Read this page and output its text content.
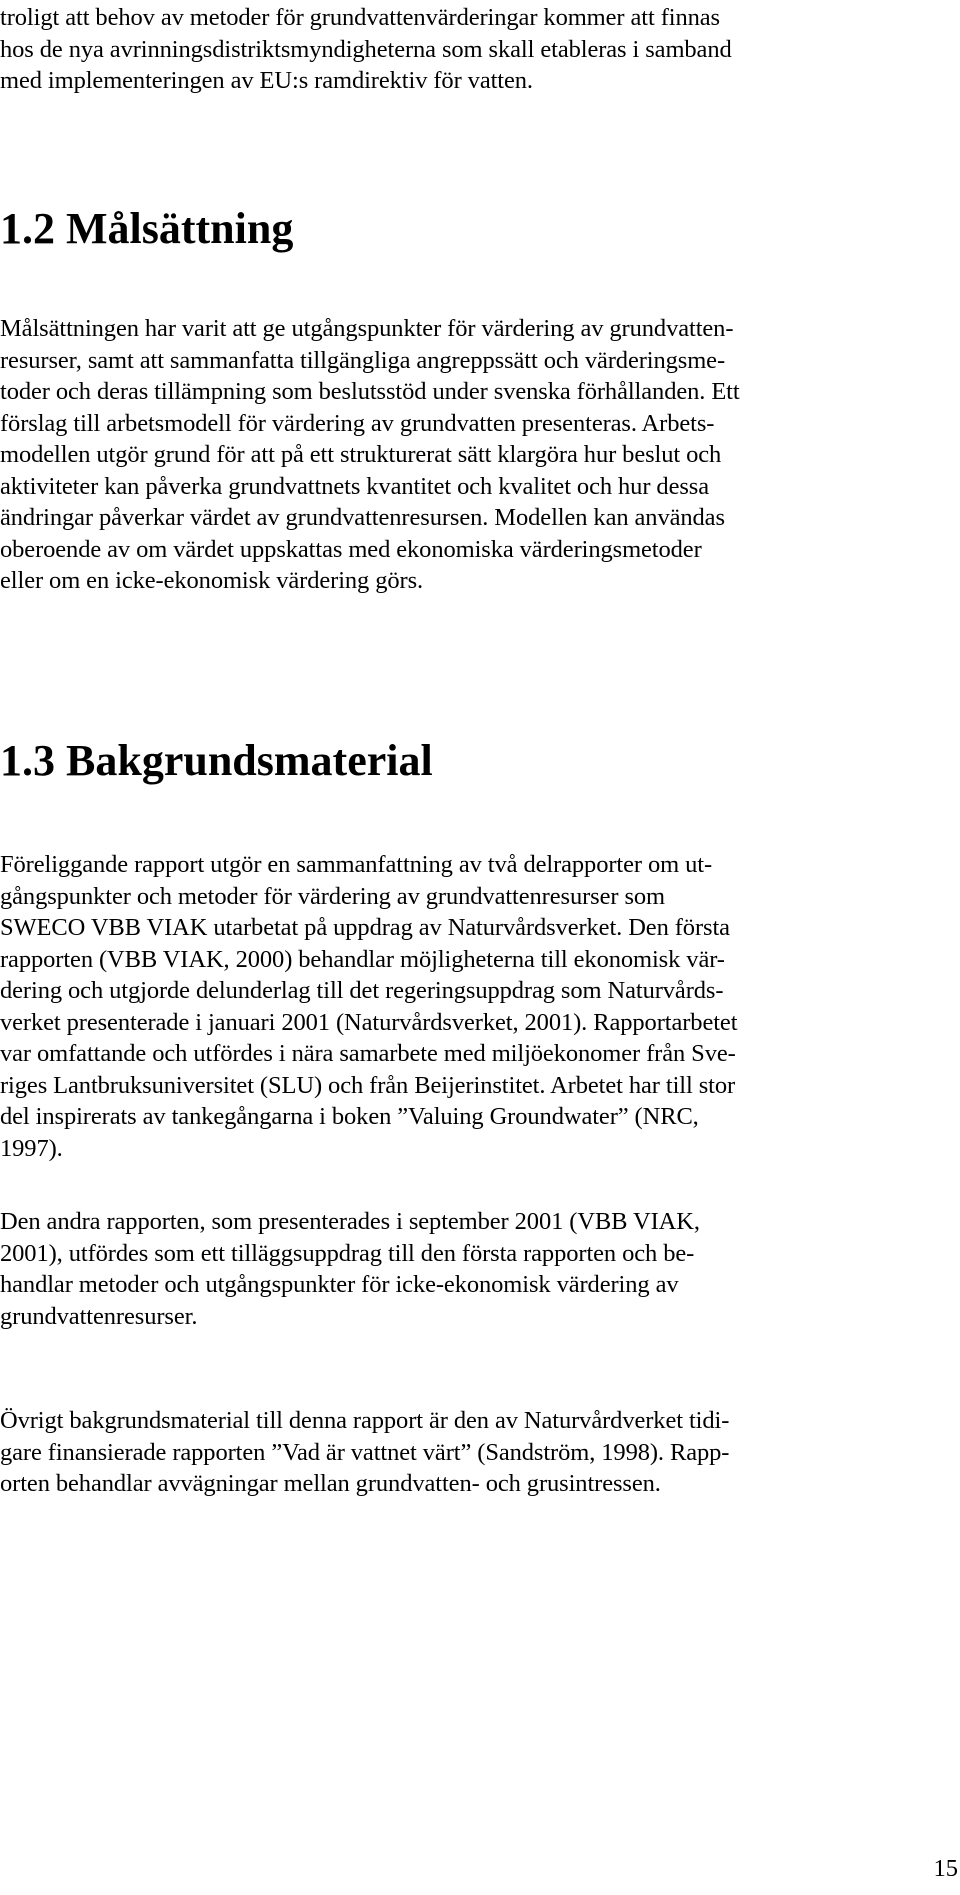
troligt att behov av metoder för grundvattenvärderingar kommer att finnas
hos de nya avrinningsdistriktsmyndigheterna som skall etableras i samband
med implementeringen av EU:s ramdirektiv för vatten.

1.2 Målsättning

Målsättningen har varit att ge utgångspunkter för värdering av grundvatten-
resurser, samt att sammanfatta tillgängliga angreppssätt och värderingsme-
toder och deras tillämpning som beslutsstöd under svenska förhållanden. Ett
förslag till arbetsmodell för värdering av grundvatten presenteras. Arbets-
modellen utgör grund för att på ett strukturerat sätt klargöra hur beslut och
aktiviteter kan påverka grundvattnets kvantitet och kvalitet och hur dessa
ändringar påverkar värdet av grundvattenresursen. Modellen kan användas
oberoende av om värdet uppskattas med ekonomiska värderingsmetoder
eller om en icke-ekonomisk värdering görs.

1.3 Bakgrundsmaterial

Föreliggande rapport utgör en sammanfattning av två delrapporter om ut-
gångspunkter och metoder för värdering av grundvattenresurser som
SWECO VBB VIAK utarbetat på uppdrag av Naturvårdsverket. Den första
rapporten (VBB VIAK, 2000) behandlar möjligheterna till ekonomisk vär-
dering och utgjorde delunderlag till det regeringsuppdrag som Naturvårds-
verket presenterade i januari 2001 (Naturvårdsverket, 2001). Rapportarbetet
var omfattande och utfördes i nära samarbete med miljöekonomer från Sve-
riges Lantbruksuniversitet (SLU) och från Beijerinstitet. Arbetet har till stor
del inspirerats av tankegångarna i boken ”Valuing Groundwater” (NRC,
1997).

Den andra rapporten, som presenterades i september 2001 (VBB VIAK,
2001), utfördes som ett tilläggsuppdrag till den första rapporten och be-
handlar metoder och utgångspunkter för icke-ekonomisk värdering av
grundvattenresurser.

Övrigt bakgrundsmaterial till denna rapport är den av Naturvårdverket tidi-
gare finansierade rapporten ”Vad är vattnet värt” (Sandström, 1998). Rapp-
orten behandlar avvägningar mellan grundvatten- och grusintressen.

15
